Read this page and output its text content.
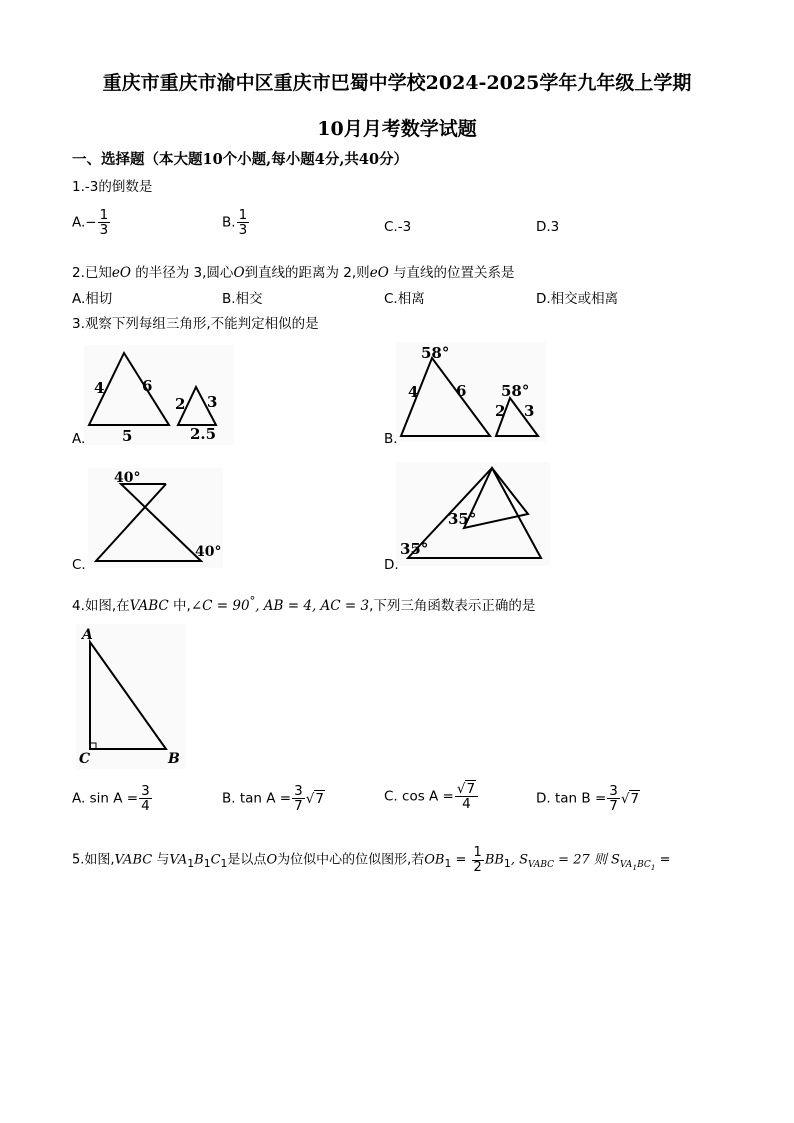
重庆市重庆市渝中区重庆市巴蜀中学校2024-2025学年九年级上学期
10月月考数学试题
一、选择题（本大题10个小题,每小题4分,共40分）
1.-3的倒数是
$A.- \frac{1}{3}$	B. $\frac{1}{3}$	C.-3	D.3
2.已知eO 的半径为 3,圆心O到直线的距离为 2,则eO 与直线的位置关系是
A.相切	B.相交	C.相离	D.相交或相离
3.观察下列每组三角形,不能判定相似的是
A.
4	6
5
2 3
2.5	B.
58°
4	6 58°
2 3
C.
40°
40°
D.
35°
35°
4.如图,在VABC 中,∠C = 90°, AB = 4, AC = 3,下列三角函数表示正确的是
A
C	B
A. $\sin A = \frac{3}{4}$	B. $\tan A = \frac{3}{7} √7$	C. $\cos A = \frac{√7}{4}$	D. $\tan B = \frac{3}{7} √7$
5.如图,VABC 与$VA_1B_1C_1$是以点O为位似中心的位似图形,若$OB_1 = \frac{1}{2} BB_1$, $S_{VABC} = 27$ 则 $S_{VA_1BC_1}$ =
